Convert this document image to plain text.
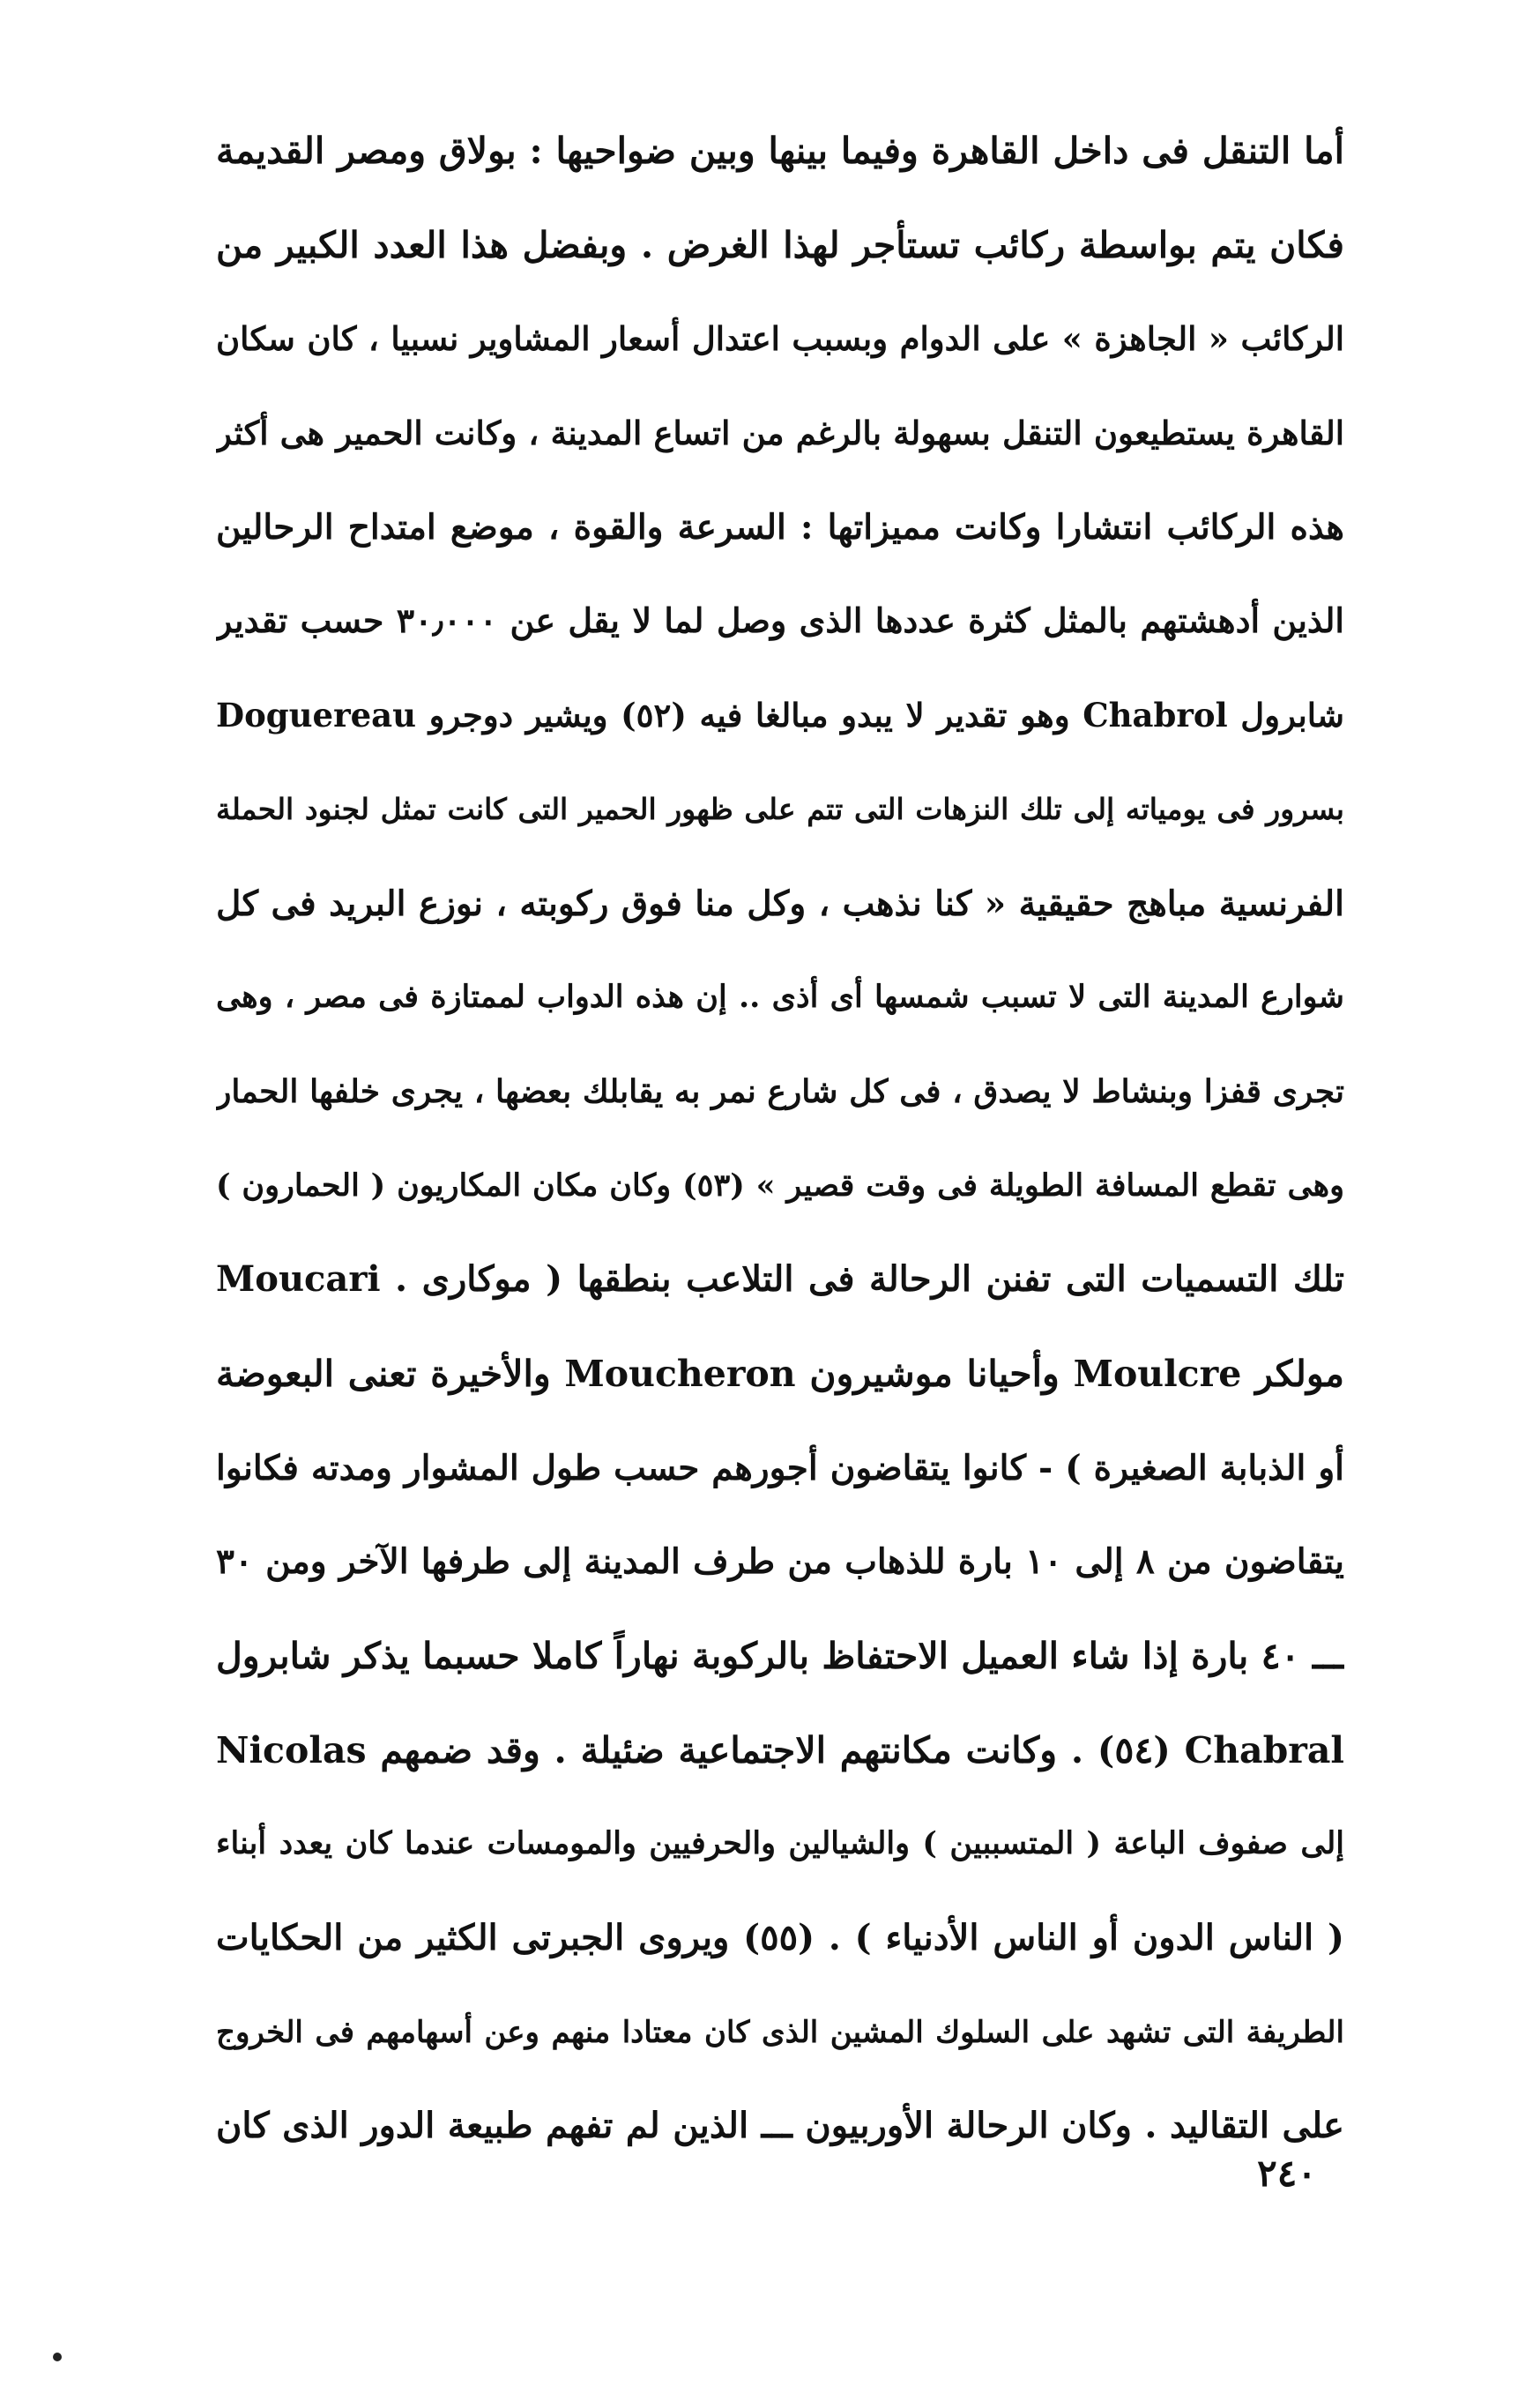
أما التنقل فى داخل القاهرة وفيما بينها وبين ضواحيها : بولاق ومصر القديمة
فكان يتم بواسطة ركائب تستأجر لهذا الغرض . وبفضل هذا العدد الكبير من
الركائب « الجاهزة » على الدوام وبسبب اعتدال أسعار المشاوير نسبيا ، كان سكان
القاهرة يستطيعون التنقل بسهولة بالرغم من اتساع المدينة ، وكانت الحمير هى أكثر
هذه الركائب انتشارا وكانت مميزاتها : السرعة والقوة ، موضع امتداح الرحالين
الذين أدهشتهم بالمثل كثرة عددها الذى وصل لما لا يقل عن ٣٠٫٠٠٠ حسب تقدير
شابرول Chabrol وهو تقدير لا يبدو مبالغا فيه (٥٢) ويشير دوجرو Doguereau
بسرور فى يومياته إلى تلك النزهات التى تتم على ظهور الحمير التى كانت تمثل لجنود الحملة
الفرنسية مباهج حقيقية « كنا نذهب ، وكل منا فوق ركوبته ، نوزع البريد فى كل
شوارع المدينة التى لا تسبب شمسها أى أذى .. إن هذه الدواب لممتازة فى مصر ، وهى
تجرى قفزا وبنشاط لا يصدق ، فى كل شارع نمر به يقابلك بعضها ، يجرى خلفها الحمار
وهى تقطع المسافة الطويلة فى وقت قصير » (٥٣) وكان مكان المكاريون ( الحمارون )
تلك التسميات التى تفنن الرحالة فى التلاعب بنطقها ( موكارى . Moucari
مولكر Moulcre وأحيانا موشيرون Moucheron والأخيرة تعنى البعوضة
أو الذبابة الصغيرة ) - كانوا يتقاضون أجورهم حسب طول المشوار ومدته فكانوا
يتقاضون من ٨ إلى ١٠ بارة للذهاب من طرف المدينة إلى طرفها الآخر ومن ٣٠
ـــ ٤٠ بارة إذا شاء العميل الاحتفاظ بالركوبة نهاراً كاملا حسبما يذكر شابرول
Chabral (٥٤) . وكانت مكانتهم الاجتماعية ضئيلة . وقد ضمهم Nicolas
إلى صفوف الباعة ( المتسببين ) والشيالين والحرفيين والمومسات عندما كان يعدد أبناء
( الناس الدون أو الناس الأدنياء ) . (٥٥) ويروى الجبرتى الكثير من الحكايات
الطريفة التى تشهد على السلوك المشين الذى كان معتادا منهم وعن أسهامهم فى الخروج
على التقاليد . وكان الرحالة الأوربيون ـــ الذين لم تفهم طبيعة الدور الذى كان
٢٤٠
